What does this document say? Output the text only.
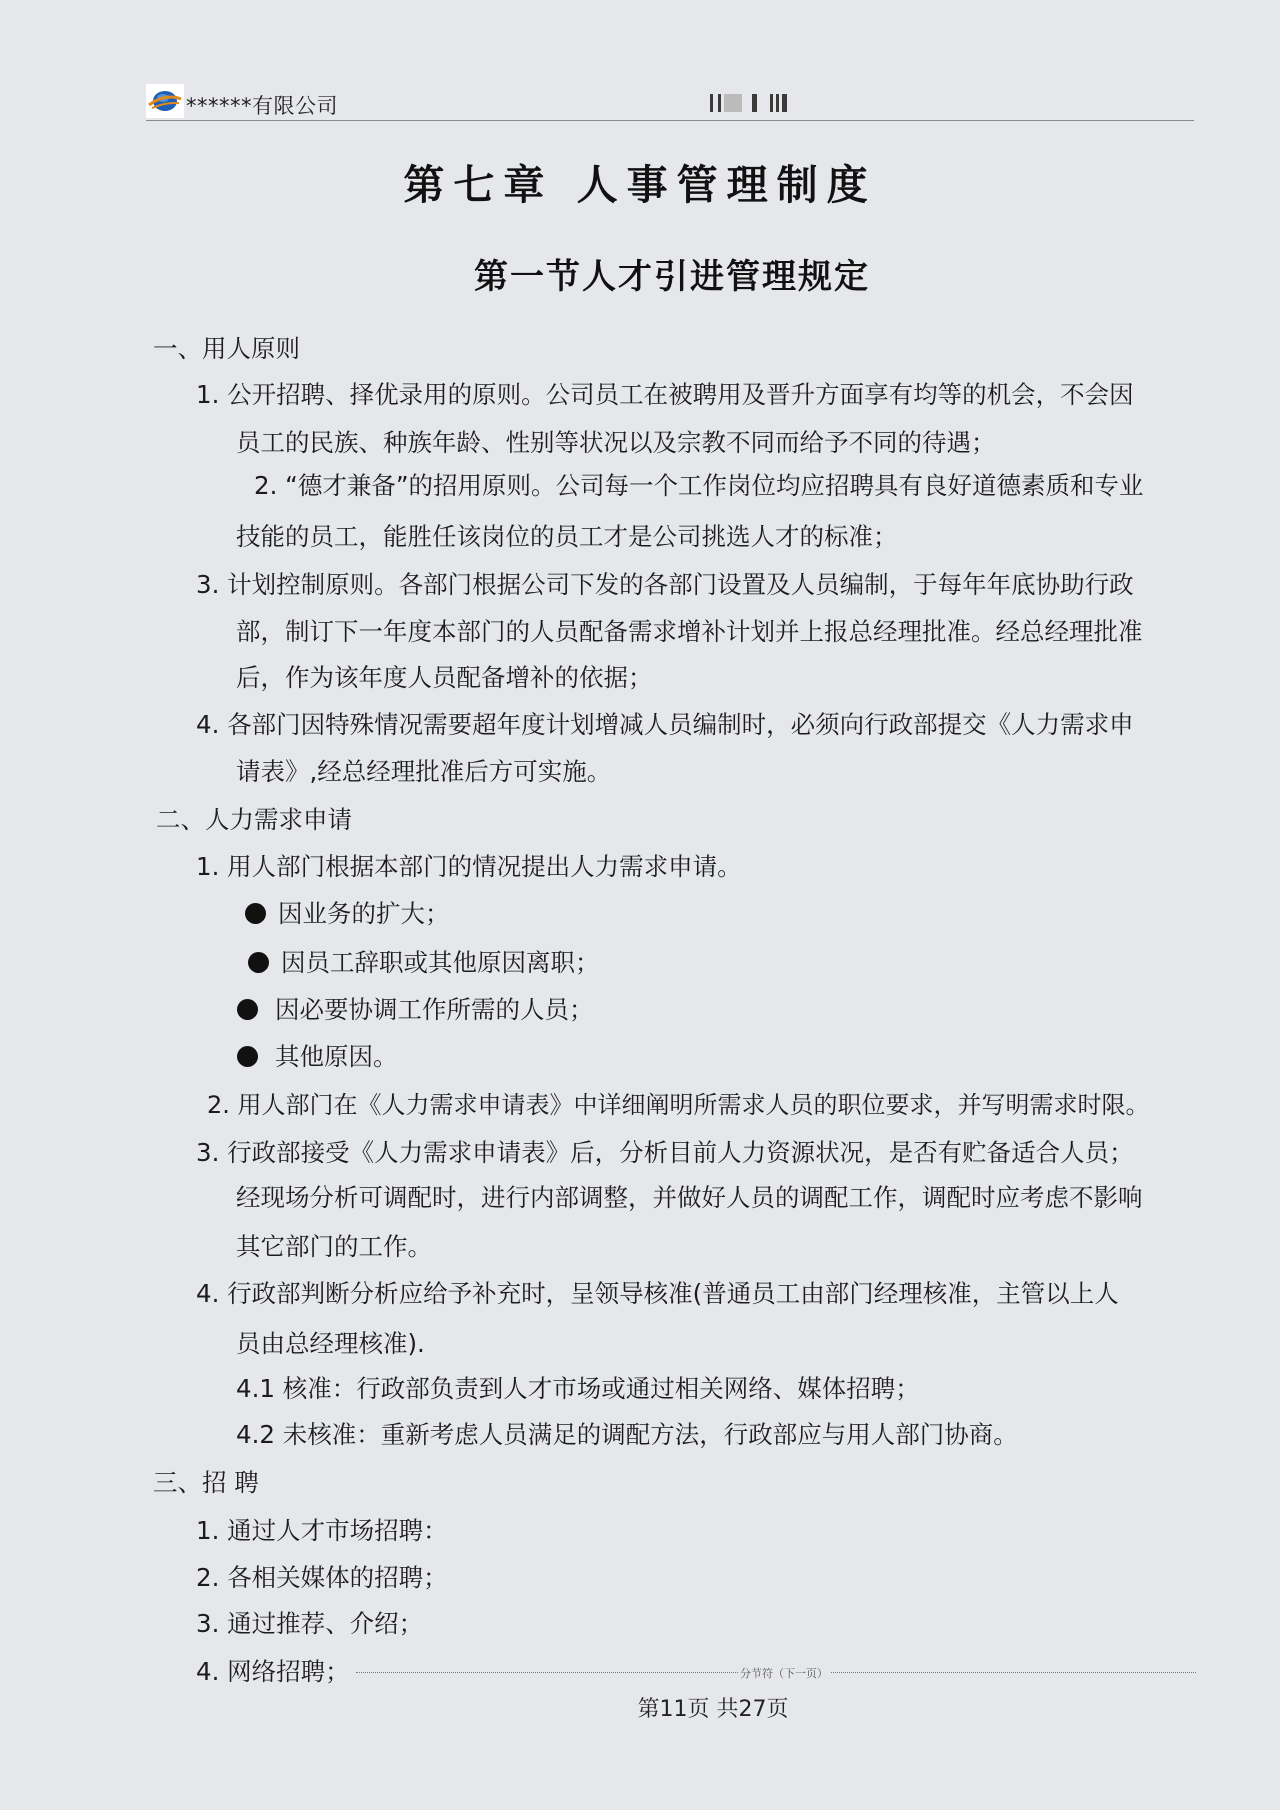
******有限公司
第七章 人事管理制度
第一节人才引进管理规定
一、用人原则
1. 公开招聘、择优录用的原则。公司员工在被聘用及晋升方面享有均等的机会，不会因
员工的民族、种族年龄、性别等状况以及宗教不同而给予不同的待遇；
2. “德才兼备”的招用原则。公司每一个工作岗位均应招聘具有良好道德素质和专业
技能的员工，能胜任该岗位的员工才是公司挑选人才的标准；
3. 计划控制原则。各部门根据公司下发的各部门设置及人员编制，于每年年底协助行政
部，制订下一年度本部门的人员配备需求增补计划并上报总经理批准。经总经理批准
后，作为该年度人员配备增补的依据；
4. 各部门因特殊情况需要超年度计划增减人员编制时，必须向行政部提交《人力需求申
请表》,经总经理批准后方可实施。
二、人力需求申请
1. 用人部门根据本部门的情况提出人力需求申请。
因业务的扩大；
因员工辞职或其他原因离职；
因必要协调工作所需的人员；
其他原因。
2. 用人部门在《人力需求申请表》中详细阐明所需求人员的职位要求，并写明需求时限。
3. 行政部接受《人力需求申请表》后，分析目前人力资源状况，是否有贮备适合人员；
经现场分析可调配时，进行内部调整，并做好人员的调配工作，调配时应考虑不影响
其它部门的工作。
4. 行政部判断分析应给予补充时，呈领导核准(普通员工由部门经理核准，主管以上人
员由总经理核准).
4.1 核准：行政部负责到人才市场或通过相关网络、媒体招聘；
4.2 未核准：重新考虑人员满足的调配方法，行政部应与用人部门协商。
三、招 聘
1. 通过人才市场招聘：
2. 各相关媒体的招聘；
3. 通过推荐、介绍；
4. 网络招聘；	分节符（下一页）
第11页 共27页
